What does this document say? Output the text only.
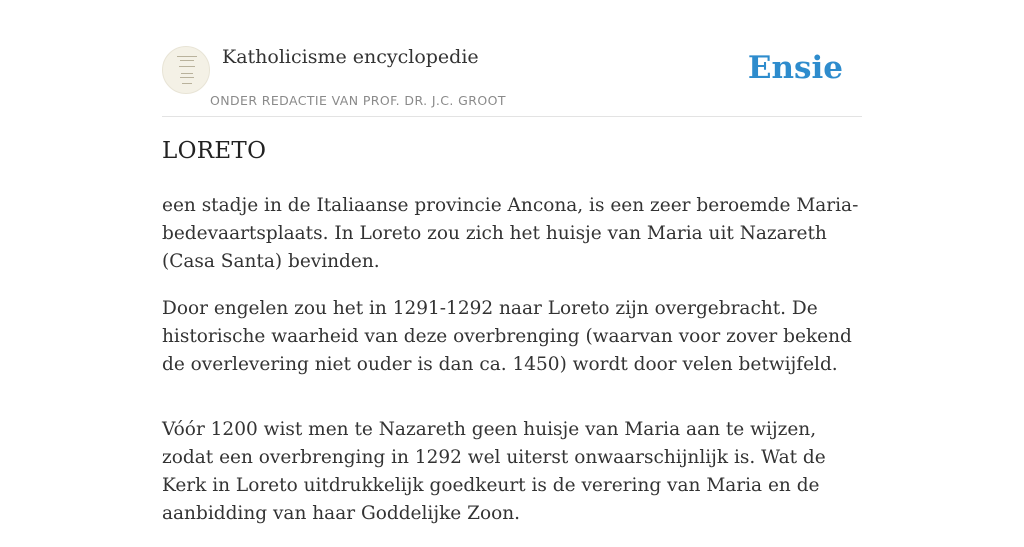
Katholicisme encyclopedie
ONDER REDACTIE VAN PROF. DR. J.C. GROOT
Ensie
LORETO

een stadje in de Italiaanse provincie Ancona, is een zeer beroemde Maria- bedevaartsplaats. In Loreto zou zich het huisje van Maria uit Nazareth (Casa Santa) bevinden.

Door engelen zou het in 1291-1292 naar Loreto zijn overgebracht. De historische waarheid van deze overbrenging (waarvan voor zover bekend de overlevering niet ouder is dan ca. 1450) wordt door velen betwijfeld.

Vóór 1200 wist men te Nazareth geen huisje van Maria aan te wijzen, zodat een overbrenging in 1292 wel uiterst onwaarschijnlijk is. Wat de Kerk in Loreto uitdrukkelijk goedkeurt is de verering van Maria en de aanbidding van haar Goddelijke Zoon.
